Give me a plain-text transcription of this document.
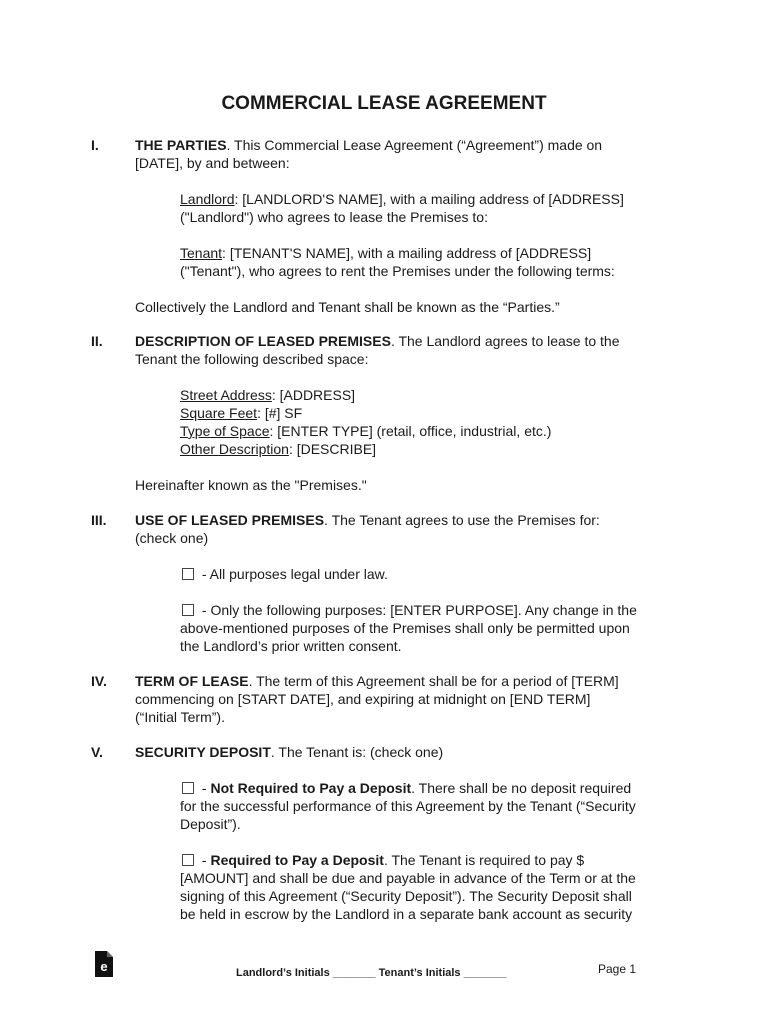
COMMERCIAL LEASE AGREEMENT
I.	THE PARTIES. This Commercial Lease Agreement (“Agreement”) made on

[DATE], by and between:

Landlord: [LANDLORD'S NAME], with a mailing address of [ADDRESS]

("Landlord") who agrees to lease the Premises to:

Tenant: [TENANT'S NAME], with a mailing address of [ADDRESS]

("Tenant"), who agrees to rent the Premises under the following terms:

Collectively the Landlord and Tenant shall be known as the “Parties.”

II.	DESCRIPTION OF LEASED PREMISES. The Landlord agrees to lease to the

Tenant the following described space:

Street Address: [ADDRESS]

Square Feet: [#] SF

Type of Space: [ENTER TYPE] (retail, office, industrial, etc.)

Other Description: [DESCRIBE]

Hereinafter known as the "Premises."

III.	USE OF LEASED PREMISES. The Tenant agrees to use the Premises for:

(check one)

- All purposes legal under law.

- Only the following purposes: [ENTER PURPOSE]. Any change in the

above-mentioned purposes of the Premises shall only be permitted upon

the Landlord’s prior written consent.

IV.	TERM OF LEASE. The term of this Agreement shall be for a period of [TERM]

commencing on [START DATE], and expiring at midnight on [END TERM]

(“Initial Term”).

V.	SECURITY DEPOSIT. The Tenant is: (check one)

- Not Required to Pay a Deposit. There shall be no deposit required

for the successful performance of this Agreement by the Tenant (“Security

Deposit”).

- Required to Pay a Deposit. The Tenant is required to pay $

[AMOUNT] and shall be due and payable in advance of the Term or at the

signing of this Agreement (“Security Deposit”). The Security Deposit shall

be held in escrow by the Landlord in a separate bank account as security

e	Landlord’s Initials _______ Tenant’s Initials _______	Page 1
